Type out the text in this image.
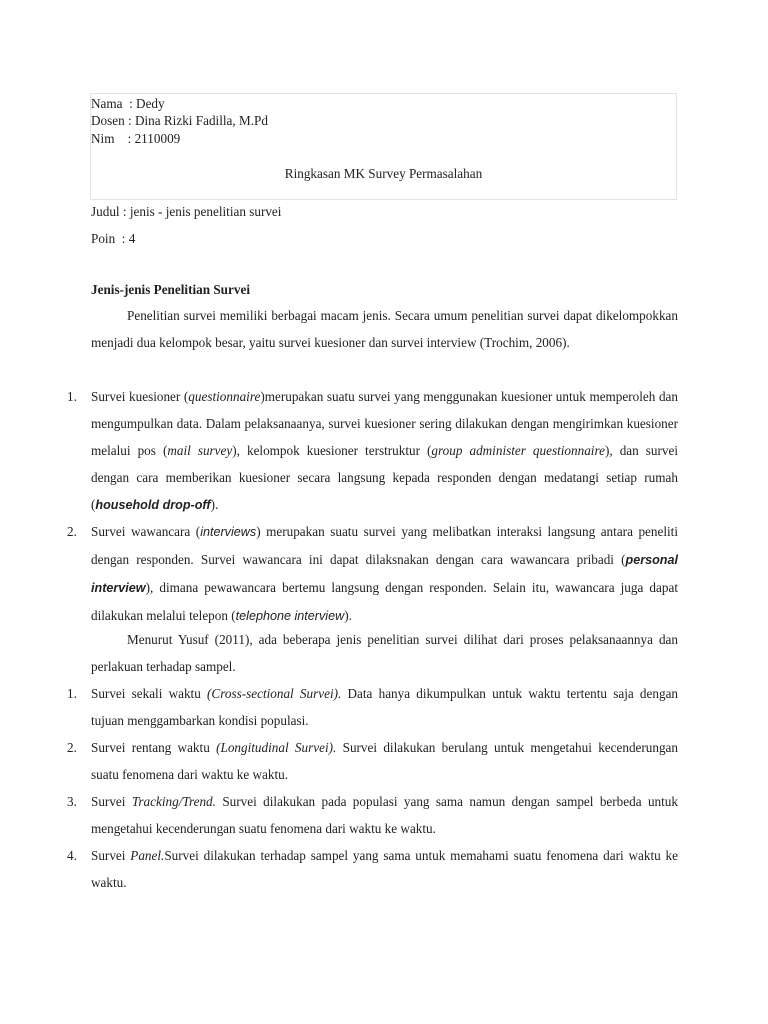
Nama  : Dedy
Dosen : Dina Rizki Fadilla, M.Pd
Nim    : 2110009
Ringkasan MK Survey Permasalahan
Judul : jenis - jenis penelitian survei
Poin  : 4
Jenis-jenis Penelitian Survei

Penelitian survei memiliki berbagai macam jenis. Secara umum penelitian survei dapat dikelompokkan menjadi dua kelompok besar, yaitu survei kuesioner dan survei interview (Trochim, 2006).

1. Survei kuesioner (questionnaire)merupakan suatu survei yang menggunakan kuesioner untuk memperoleh dan mengumpulkan data. Dalam pelaksanaanya, survei kuesioner sering dilakukan dengan mengirimkan kuesioner melalui pos (mail survey), kelompok kuesioner terstruktur (group administer questionnaire), dan survei dengan cara memberikan kuesioner secara langsung kepada responden dengan medatangi setiap rumah (household drop-off).

2. Survei wawancara (interviews) merupakan suatu survei yang melibatkan interaksi langsung antara peneliti dengan responden. Survei wawancara ini dapat dilaksnakan dengan cara wawancara pribadi (personal interview), dimana pewawancara bertemu langsung dengan responden. Selain itu, wawancara juga dapat dilakukan melalui telepon (telephone interview).

Menurut Yusuf (2011), ada beberapa jenis penelitian survei dilihat dari proses pelaksanaannya dan perlakuan terhadap sampel.

1. Survei sekali waktu (Cross-sectional Survei). Data hanya dikumpulkan untuk waktu tertentu saja dengan tujuan menggambarkan kondisi populasi.

2. Survei rentang waktu (Longitudinal Survei). Survei dilakukan berulang untuk mengetahui kecenderungan suatu fenomena dari waktu ke waktu.

3. Survei Tracking/Trend. Survei dilakukan pada populasi yang sama namun dengan sampel berbeda untuk mengetahui kecenderungan suatu fenomena dari waktu ke waktu.

4. Survei Panel.Survei dilakukan terhadap sampel yang sama untuk memahami suatu fenomena dari waktu ke waktu.
